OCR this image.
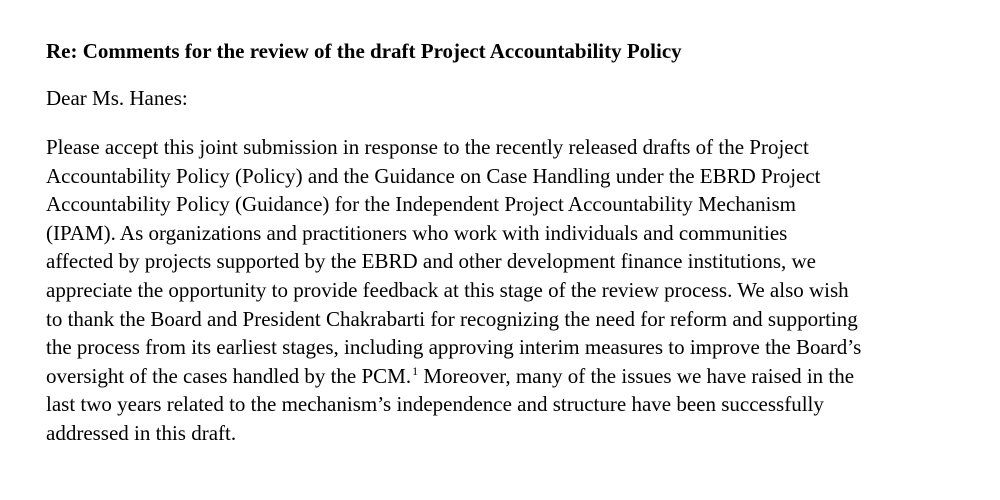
Re: Comments for the review of the draft Project Accountability Policy

Dear Ms. Hanes:

Please accept this joint submission in response to the recently released drafts of the Project
Accountability Policy (Policy) and the Guidance on Case Handling under the EBRD Project
Accountability Policy (Guidance) for the Independent Project Accountability Mechanism
(IPAM). As organizations and practitioners who work with individuals and communities
affected by projects supported by the EBRD and other development finance institutions, we
appreciate the opportunity to provide feedback at this stage of the review process. We also wish
to thank the Board and President Chakrabarti for recognizing the need for reform and supporting
the process from its earliest stages, including approving interim measures to improve the Board’s
oversight of the cases handled by the PCM.$^1$ Moreover, many of the issues we have raised in the
last two years related to the mechanism’s independence and structure have been successfully
addressed in this draft.
